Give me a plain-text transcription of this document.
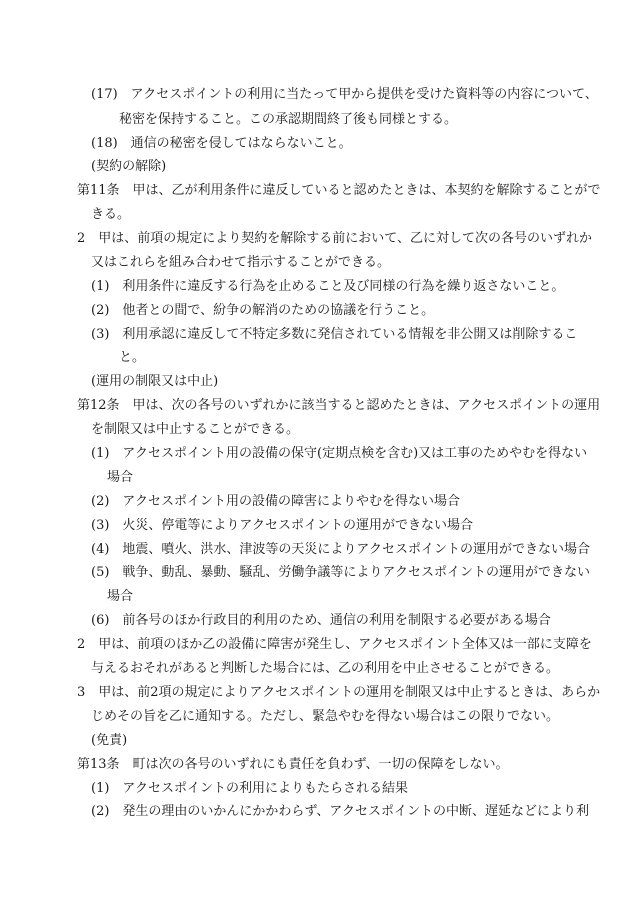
(17)　アクセスポイントの利用に当たって甲から提供を受けた資料等の内容について、
秘密を保持すること。この承認期間終了後も同様とする。
(18)　通信の秘密を侵してはならないこと。
(契約の解除)
第11条　甲は、乙が利用条件に違反していると認めたときは、本契約を解除することがで
きる。
2　甲は、前項の規定により契約を解除する前において、乙に対して次の各号のいずれか
又はこれらを組み合わせて指示することができる。
(1)　利用条件に違反する行為を止めること及び同様の行為を繰り返さないこと。
(2)　他者との間で、紛争の解消のための協議を行うこと。
(3)　利用承認に違反して不特定多数に発信されている情報を非公開又は削除するこ
と。
(運用の制限又は中止)
第12条　甲は、次の各号のいずれかに該当すると認めたときは、アクセスポイントの運用
を制限又は中止することができる。
(1)　アクセスポイント用の設備の保守(定期点検を含む)又は工事のためやむを得ない
場合
(2)　アクセスポイント用の設備の障害によりやむを得ない場合
(3)　火災、停電等によりアクセスポイントの運用ができない場合
(4)　地震、噴火、洪水、津波等の天災によりアクセスポイントの運用ができない場合
(5)　戦争、動乱、暴動、騒乱、労働争議等によりアクセスポイントの運用ができない
場合
(6)　前各号のほか行政目的利用のため、通信の利用を制限する必要がある場合
2　甲は、前項のほか乙の設備に障害が発生し、アクセスポイント全体又は一部に支障を
与えるおそれがあると判断した場合には、乙の利用を中止させることができる。
3　甲は、前2項の規定によりアクセスポイントの運用を制限又は中止するときは、あらか
じめその旨を乙に通知する。ただし、緊急やむを得ない場合はこの限りでない。
(免責)
第13条　町は次の各号のいずれにも責任を負わず、一切の保障をしない。
(1)　アクセスポイントの利用によりもたらされる結果
(2)　発生の理由のいかんにかかわらず、アクセスポイントの中断、遅延などにより利
